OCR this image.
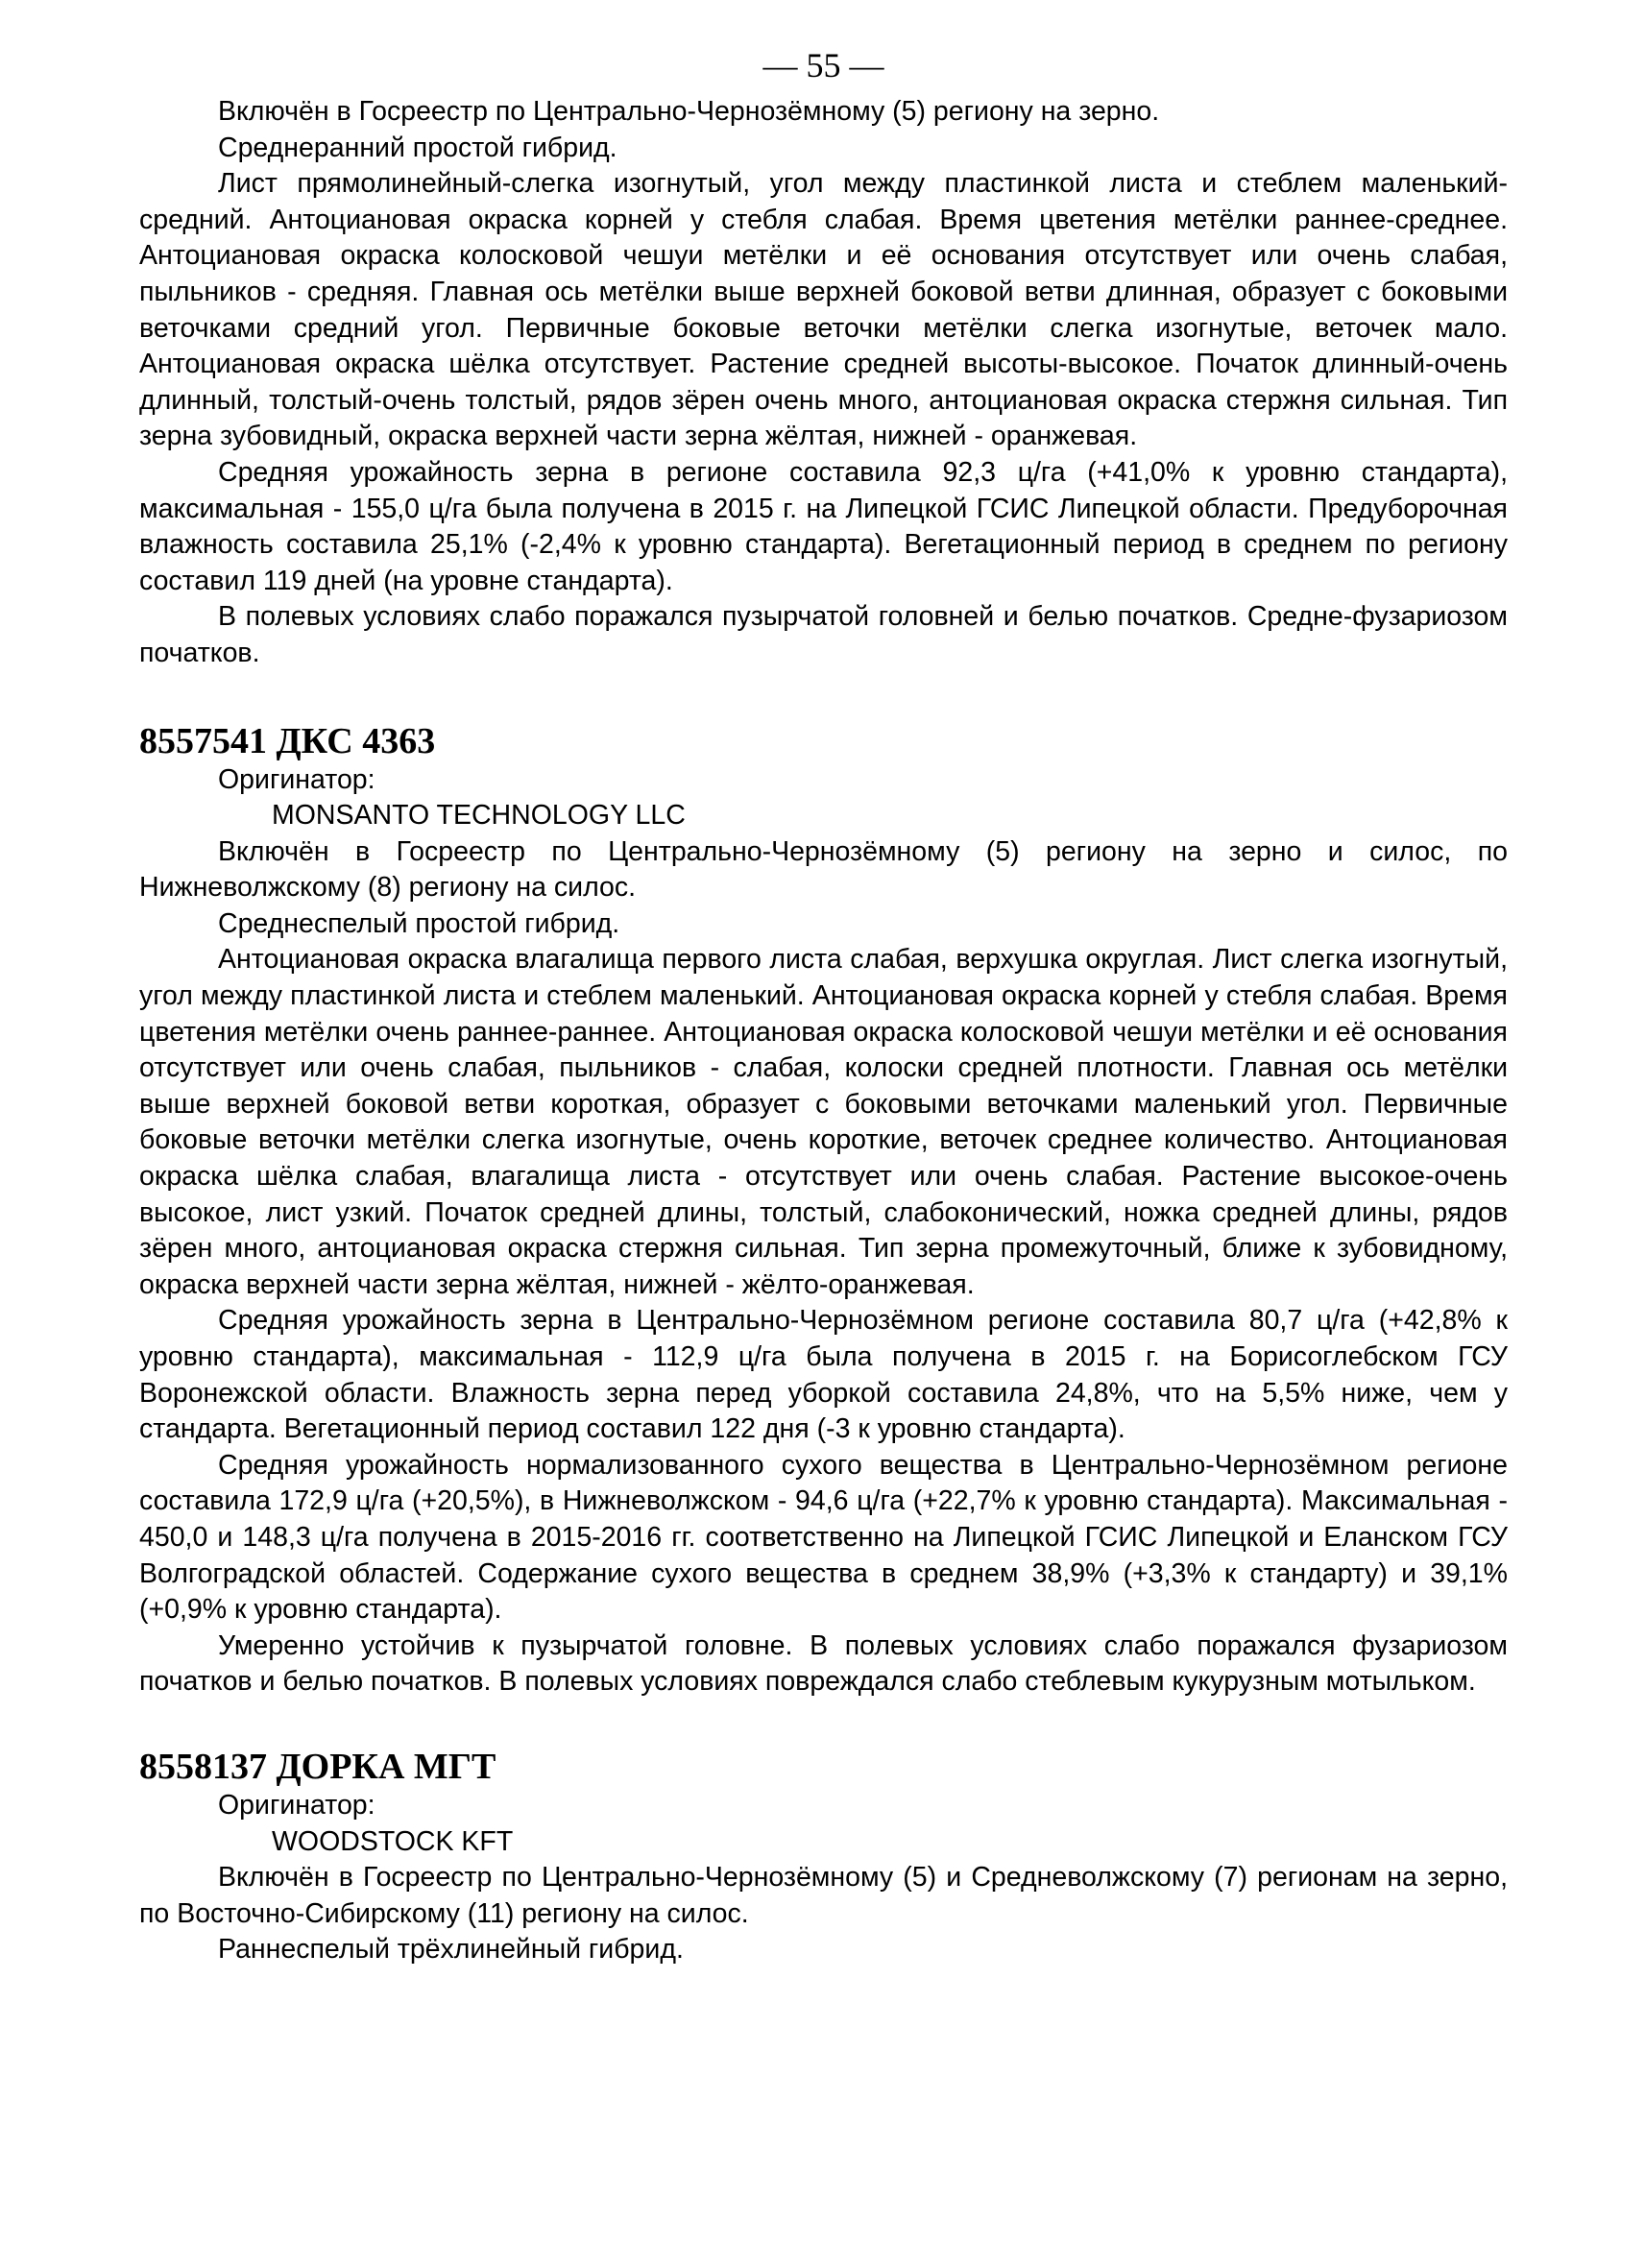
— 55 —

Включён в Госреестр по Центрально-Чернозёмному (5) региону на зерно.

Среднеранний простой гибрид.

Лист прямолинейный-слегка изогнутый, угол между пластинкой листа и стеблем маленький-средний. Антоциановая окраска корней у стебля слабая. Время цветения метёлки раннее-среднее. Антоциановая окраска колосковой чешуи метёлки и её основания отсутствует или очень слабая, пыльников - средняя. Главная ось метёлки выше верхней боковой ветви длинная, образует с боковыми веточками средний угол. Первичные боковые веточки метёлки слегка изогнутые, веточек мало. Антоциановая окраска шёлка отсутствует. Растение средней высоты-высокое. Початок длинный-очень длинный, толстый-очень толстый, рядов зёрен очень много, антоциановая окраска стержня сильная. Тип зерна зубовидный, окраска верхней части зерна жёлтая, нижней - оранжевая.

Средняя урожайность зерна в регионе составила 92,3 ц/га (+41,0% к уровню стандарта), максимальная - 155,0 ц/га была получена в 2015 г. на Липецкой ГСИС Липецкой области. Предуборочная влажность составила 25,1% (-2,4% к уровню стандарта). Вегетационный период в среднем по региону составил 119 дней (на уровне стандарта).

В полевых условиях слабо поражался пузырчатой головней и белью початков. Средне-фузариозом початков.

8557541 ДКС 4363

Оригинатор:

MONSANTO TECHNOLOGY LLC

Включён в Госреестр по Центрально-Чернозёмному (5) региону на зерно и силос, по Нижневолжскому (8) региону на силос.

Среднеспелый простой гибрид.

Антоциановая окраска влагалища первого листа слабая, верхушка округлая. Лист слегка изогнутый, угол между пластинкой листа и стеблем маленький. Антоциановая окраска корней у стебля слабая. Время цветения метёлки очень раннее-раннее. Антоциановая окраска колосковой чешуи метёлки и её основания отсутствует или очень слабая, пыльников - слабая, колоски средней плотности. Главная ось метёлки выше верхней боковой ветви короткая, образует с боковыми веточками маленький угол. Первичные боковые веточки метёлки слегка изогнутые, очень короткие, веточек среднее количество. Антоциановая окраска шёлка слабая, влагалища листа - отсутствует или очень слабая. Растение высокое-очень высокое, лист узкий. Початок средней длины, толстый, слабоконический, ножка средней длины, рядов зёрен много, антоциановая окраска стержня сильная. Тип зерна промежуточный, ближе к зубовидному, окраска верхней части зерна жёлтая, нижней - жёлто-оранжевая.

Средняя урожайность зерна в Центрально-Чернозёмном регионе составила 80,7 ц/га (+42,8% к уровню стандарта), максимальная - 112,9 ц/га была получена в 2015 г. на Борисоглебском ГСУ Воронежской области. Влажность зерна перед уборкой составила 24,8%, что на 5,5% ниже, чем у стандарта. Вегетационный период составил 122 дня (-3 к уровню стандарта).

Средняя урожайность нормализованного сухого вещества в Центрально-Чернозёмном регионе составила 172,9 ц/га (+20,5%), в Нижневолжском - 94,6 ц/га (+22,7% к уровню стандарта). Максимальная - 450,0 и 148,3 ц/га получена в 2015-2016 гг. соответственно на Липецкой ГСИС Липецкой и Еланском ГСУ Волгоградской областей. Содержание сухого вещества в среднем 38,9% (+3,3% к стандарту) и 39,1% (+0,9% к уровню стандарта).

Умеренно устойчив к пузырчатой головне. В полевых условиях слабо поражался фузариозом початков и белью початков. В полевых условиях повреждался слабо стеблевым кукурузным мотыльком.

8558137 ДОРКА МГТ

Оригинатор:

WOODSTOCK KFT

Включён в Госреестр по Центрально-Чернозёмному (5) и Средневолжскому (7) регионам на зерно, по Восточно-Сибирскому (11) региону на силос.

Раннеспелый трёхлинейный гибрид.
